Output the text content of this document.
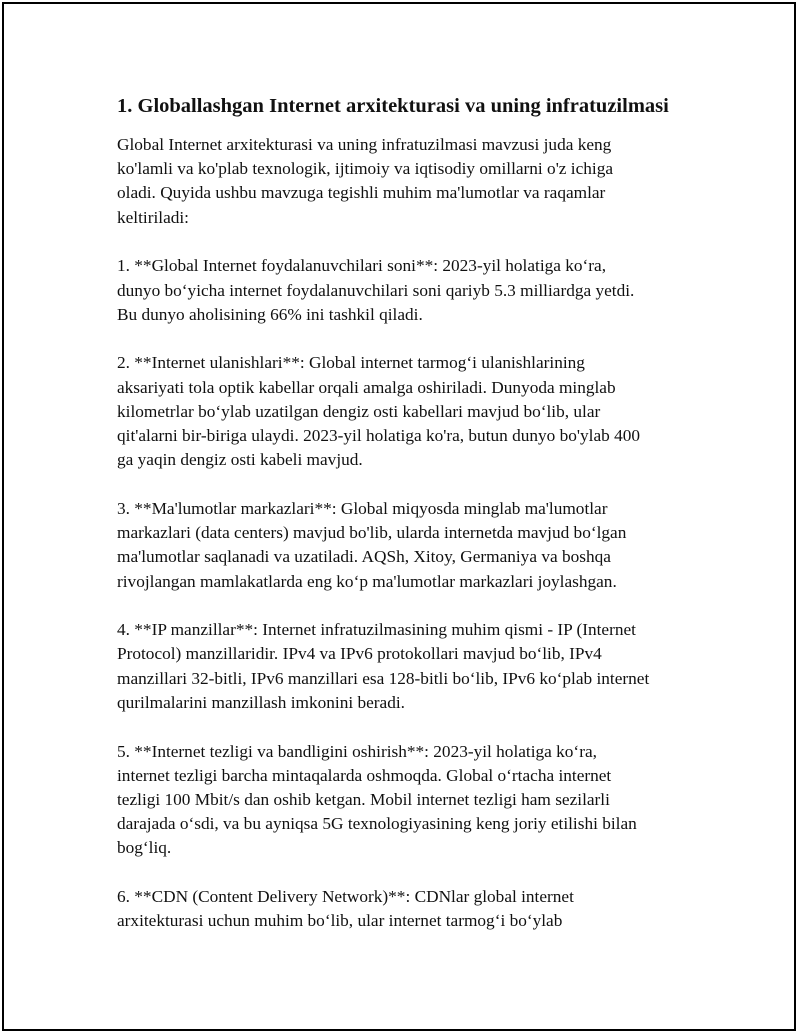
1. Globallashgan Internet arxitekturasi va uning infratuzilmasi
Global Internet arxitekturasi va uning infratuzilmasi mavzusi juda keng
ko'lamli va ko'plab texnologik, ijtimoiy va iqtisodiy omillarni o'z ichiga
oladi. Quyida ushbu mavzuga tegishli muhim ma'lumotlar va raqamlar
keltiriladi:
1. **Global Internet foydalanuvchilari soni**: 2023-yil holatiga koʻra,
dunyo boʻyicha internet foydalanuvchilari soni qariyb 5.3 milliardga yetdi.
Bu dunyo aholisining 66% ini tashkil qiladi.
2. **Internet ulanishlari**: Global internet tarmogʻi ulanishlarining
aksariyati tola optik kabellar orqali amalga oshiriladi. Dunyoda minglab
kilometrlar boʻylab uzatilgan dengiz osti kabellari mavjud boʻlib, ular
qit'alarni bir-biriga ulaydi. 2023-yil holatiga ko'ra, butun dunyo bo'ylab 400
ga yaqin dengiz osti kabeli mavjud.
3. **Ma'lumotlar markazlari**: Global miqyosda minglab ma'lumotlar
markazlari (data centers) mavjud bo'lib, ularda internetda mavjud boʻlgan
ma'lumotlar saqlanadi va uzatiladi. AQSh, Xitoy, Germaniya va boshqa
rivojlangan mamlakatlarda eng koʻp ma'lumotlar markazlari joylashgan.
4. **IP manzillar**: Internet infratuzilmasining muhim qismi - IP (Internet
Protocol) manzillaridir. IPv4 va IPv6 protokollari mavjud boʻlib, IPv4
manzillari 32-bitli, IPv6 manzillari esa 128-bitli boʻlib, IPv6 koʻplab internet
qurilmalarini manzillash imkonini beradi.
5. **Internet tezligi va bandligini oshirish**: 2023-yil holatiga koʻra,
internet tezligi barcha mintaqalarda oshmoqda. Global oʻrtacha internet
tezligi 100 Mbit/s dan oshib ketgan. Mobil internet tezligi ham sezilarli
darajada oʻsdi, va bu ayniqsa 5G texnologiyasining keng joriy etilishi bilan
bogʻliq.
6. **CDN (Content Delivery Network)**: CDNlar global internet
arxitekturasi uchun muhim boʻlib, ular internet tarmogʻi boʻylab
